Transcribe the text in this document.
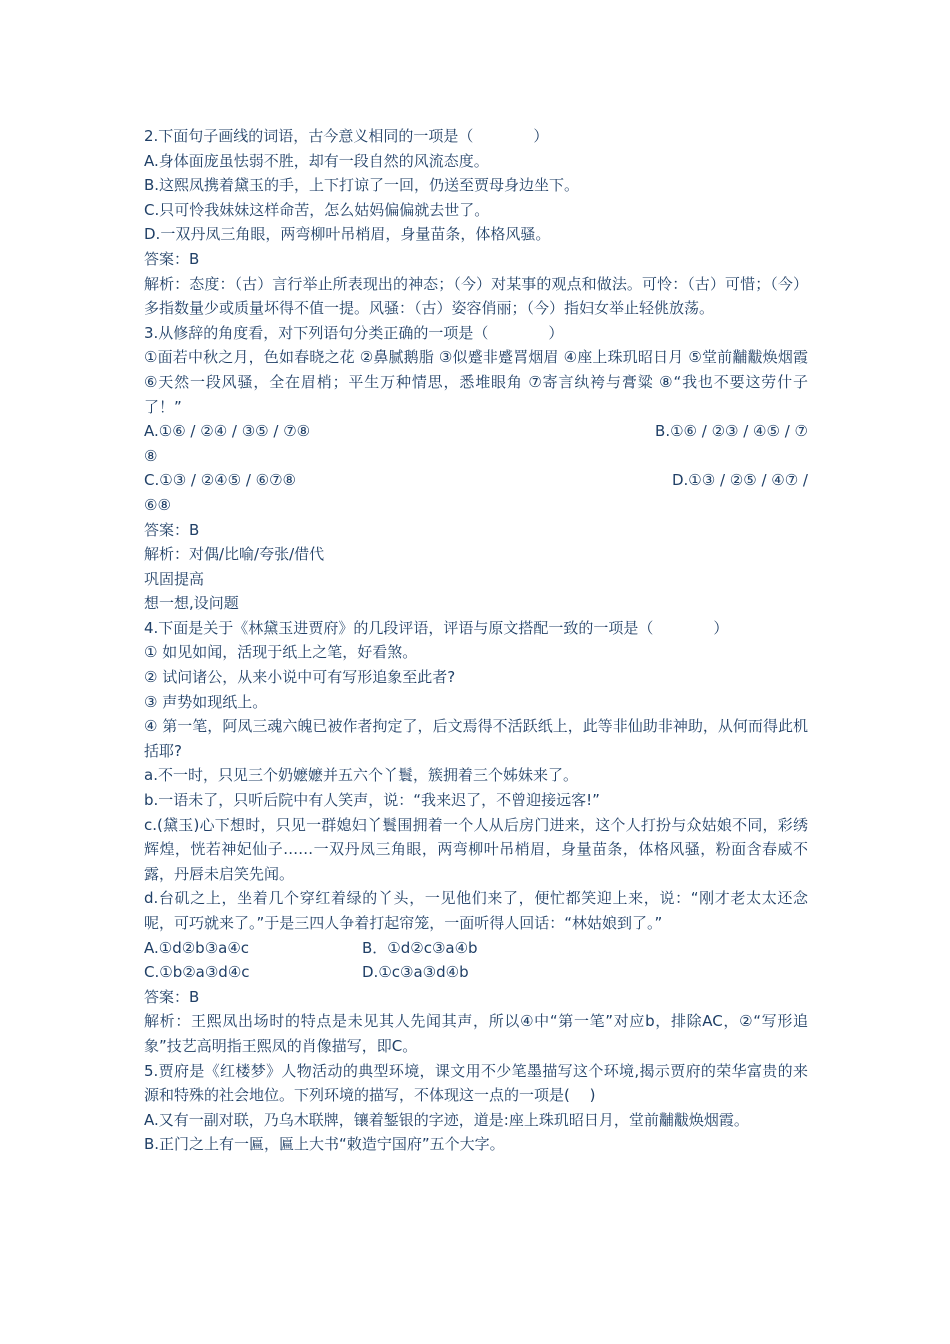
2.下面句子画线的词语，古今意义相同的一项是（　　　　）
A.身体面庞虽怯弱不胜，却有一段自然的风流态度。
B.这熙凤携着黛玉的手，上下打谅了一回，仍送至贾母身边坐下。
C.只可怜我妹妹这样命苦，怎么姑妈偏偏就去世了。
D.一双丹凤三角眼，两弯柳叶吊梢眉，身量苗条，体格风骚。
答案：B
解析：态度：（古）言行举止所表现出的神态；（今）对某事的观点和做法。可怜：（古）可惜；（今）多指数量少或质量坏得不值一提。风骚：（古）姿容俏丽；（今）指妇女举止轻佻放荡。
3.从修辞的角度看，对下列语句分类正确的一项是（　　　　）
①面若中秋之月，色如春晓之花 ②鼻腻鹅脂 ③似蹙非蹙罥烟眉 ④座上珠玑昭日月 ⑤堂前黼黻焕烟霞 ⑥天然一段风骚，全在眉梢；平生万种情思，悉堆眼角 ⑦寄言纨袴与膏粱 ⑧“我也不要这劳什子了！”
A.①⑥ / ②④ / ③⑤ / ⑦⑧	B.①⑥ / ②③ / ④⑤ / ⑦
⑧
C.①③ / ②④⑤ / ⑥⑦⑧	D.①③ / ②⑤ / ④⑦ /
⑥⑧
答案：B
解析：对偶/比喻/夸张/借代
巩固提高
想一想,设问题
4.下面是关于《林黛玉进贾府》的几段评语，评语与原文搭配一致的一项是（　　　　）
① 如见如闻，活现于纸上之笔，好看煞。
② 试问诸公，从来小说中可有写形追象至此者?
③ 声势如现纸上。
④ 第一笔，阿凤三魂六魄已被作者拘定了，后文焉得不活跃纸上，此等非仙助非神助，从何而得此机括耶?
a.不一时，只见三个奶嬷嬷并五六个丫鬟，簇拥着三个姊妹来了。
b.一语未了，只听后院中有人笑声，说：“我来迟了，不曾迎接远客!”
c.(黛玉)心下想时，只见一群媳妇丫鬟围拥着一个人从后房门进来，这个人打扮与众姑娘不同，彩绣辉煌，恍若神妃仙子……一双丹凤三角眼，两弯柳叶吊梢眉，身量苗条，体格风骚，粉面含春威不露，丹唇未启笑先闻。
d.台矶之上，坐着几个穿红着绿的丫头，一见他们来了，便忙都笑迎上来，说：“刚才老太太还念呢，可巧就来了。”于是三四人争着打起帘笼，一面听得人回话：“林姑娘到了。”
A.①d②b③a④c	B．①d②c③a④b
C.①b②a③d④c	D.①c③a③d④b
答案：B
解析：王熙凤出场时的特点是未见其人先闻其声，所以④中“第一笔”对应b，排除AC，②“写形追象”技艺高明指王熙凤的肖像描写，即C。
5.贾府是《红楼梦》人物活动的典型环境，课文用不少笔墨描写这个环境,揭示贾府的荣华富贵的来源和特殊的社会地位。下列环境的描写，不体现这一点的一项是(　 )
A.又有一副对联，乃乌木联牌，镶着錾银的字迹，道是:座上珠玑昭日月，堂前黼黻焕烟霞。
B.正门之上有一匾，匾上大书“敕造宁国府”五个大字。
